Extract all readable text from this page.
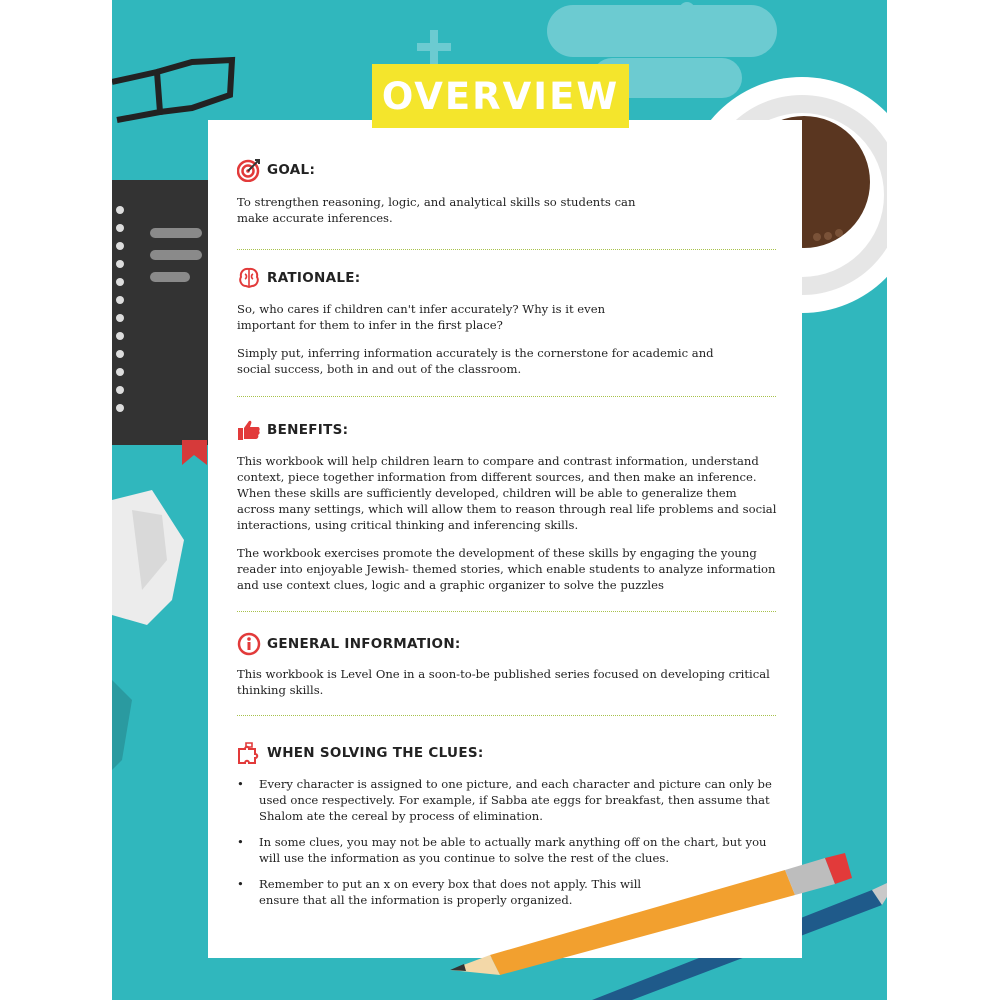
OVERVIEW
GOAL:

To strengthen reasoning, logic, and analytical skills so students can make accurate inferences.

RATIONALE:

So, who cares if children can't infer accurately? Why is it even important for them to infer in the first place?

Simply put, inferring information accurately is the cornerstone for academic and social success, both in and out of the classroom.

BENEFITS:

This workbook will help children learn to compare and contrast information, understand context, piece together information from different sources, and then make an inference. When these skills are sufficiently developed, children will be able to generalize them across many settings, which will allow them to reason through real life problems and social interactions, using critical thinking and inferencing skills.

The workbook exercises promote the development of these skills by engaging the young reader into enjoyable Jewish- themed stories, which enable students to analyze information and use context clues, logic and a graphic organizer to solve the puzzles

GENERAL INFORMATION:

This workbook is Level One in a soon-to-be published series focused on developing critical thinking skills.

WHEN SOLVING THE CLUES:
• Every character is assigned to one picture, and each character and picture can only be used once respectively. For example, if Sabba ate eggs for breakfast, then assume that Shalom ate the cereal by process of elimination.
• In some clues, you may not be able to actually mark anything off on the chart, but you will use the information as you continue to solve the rest of the clues.
• Remember to put an x on every box that does not apply. This will ensure that all the information is properly organized.
